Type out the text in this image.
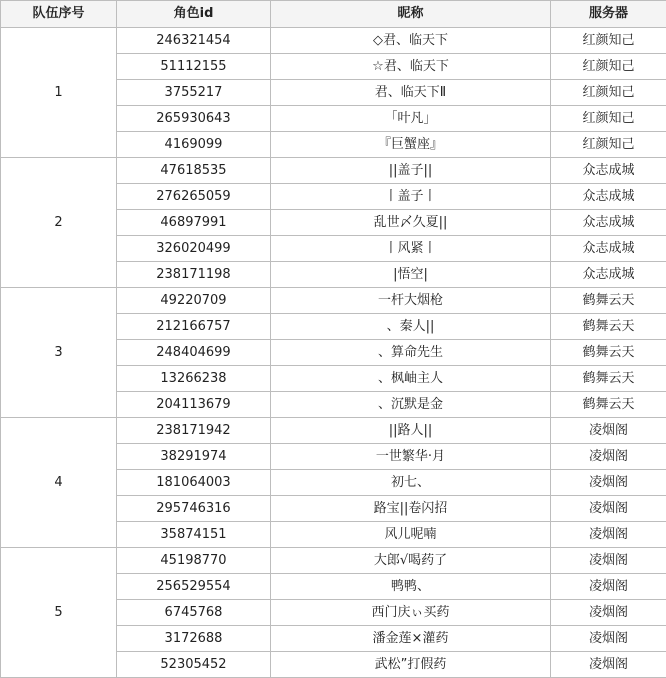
队伍序号	角色id	昵称	服务器
1	246321454	◇君、临天下	红颜知己
	51112155	☆君、临天下	红颜知己
	3755217	君、临天下Ⅱ	红颜知己
	265930643	「叶凡」	红颜知己
	4169099	『巨蟹座』	红颜知己
2	47618535	||盖子||	众志成城
	276265059	丨盖子丨	众志成城
	46897991	乱世〆久夏||	众志成城
	326020499	丨风紧丨	众志成城
	238171198	|悟空|	众志成城
3	49220709	一杆大烟枪	鹤舞云天
	212166757	、秦人||	鹤舞云天
	248404699	、算命先生	鹤舞云天
	13266238	、枫岫主人	鹤舞云天
	204113679	、沉默是金	鹤舞云天
4	238171942	||路人||	凌烟阁
	38291974	一世繁华·月	凌烟阁
	181064003	初七、	凌烟阁
	295746316	路宝||卷闪招	凌烟阁
	35874151	风儿呢喃	凌烟阁
5	45198770	大郎√喝药了	凌烟阁
	256529554	鸭鸭、	凌烟阁
	6745768	西门庆ぃ买药	凌烟阁
	3172688	潘金莲×灌药	凌烟阁
	52305452	武松”打假药	凌烟阁
